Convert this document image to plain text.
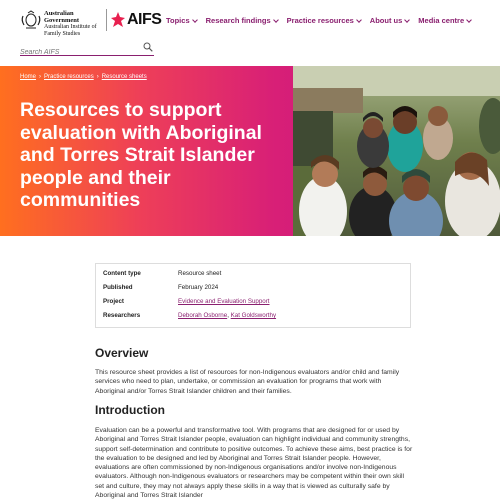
Australian Government
Australian Institute of
Family Studies
AIFS Topics Research findings Practice resources About us Media centre
Search AIFS
Home › Practice resources › Resource sheets
Resources to support evaluation with Aboriginal and Torres Strait Islander people and their communities
Content type	Resource sheet
Published	February 2024
Project	Evidence and Evaluation Support
Researchers	Deborah Osborne, Kat Goldsworthy
Overview

This resource sheet provides a list of resources for non-Indigenous evaluators and/or child and family services who need to plan, undertake, or commission an evaluation for programs that work with Aboriginal and/or Torres Strait Islander children and their families.

Introduction

Evaluation can be a powerful and transformative tool. With programs that are designed for or used by Aboriginal and Torres Strait Islander people, evaluation can highlight individual and community strengths, support self-determination and contribute to positive outcomes. To achieve these aims, best practice is for the evaluation to be designed and led by Aboriginal and Torres Strait Islander people. However, evaluations are often commissioned by non-Indigenous organisations and/or involve non-Indigenous evaluators. Although non-Indigenous evaluators or researchers may be competent within their own skill set and culture, they may not always apply these skills in a way that is viewed as culturally safe by Aboriginal and Torres Strait Islander
